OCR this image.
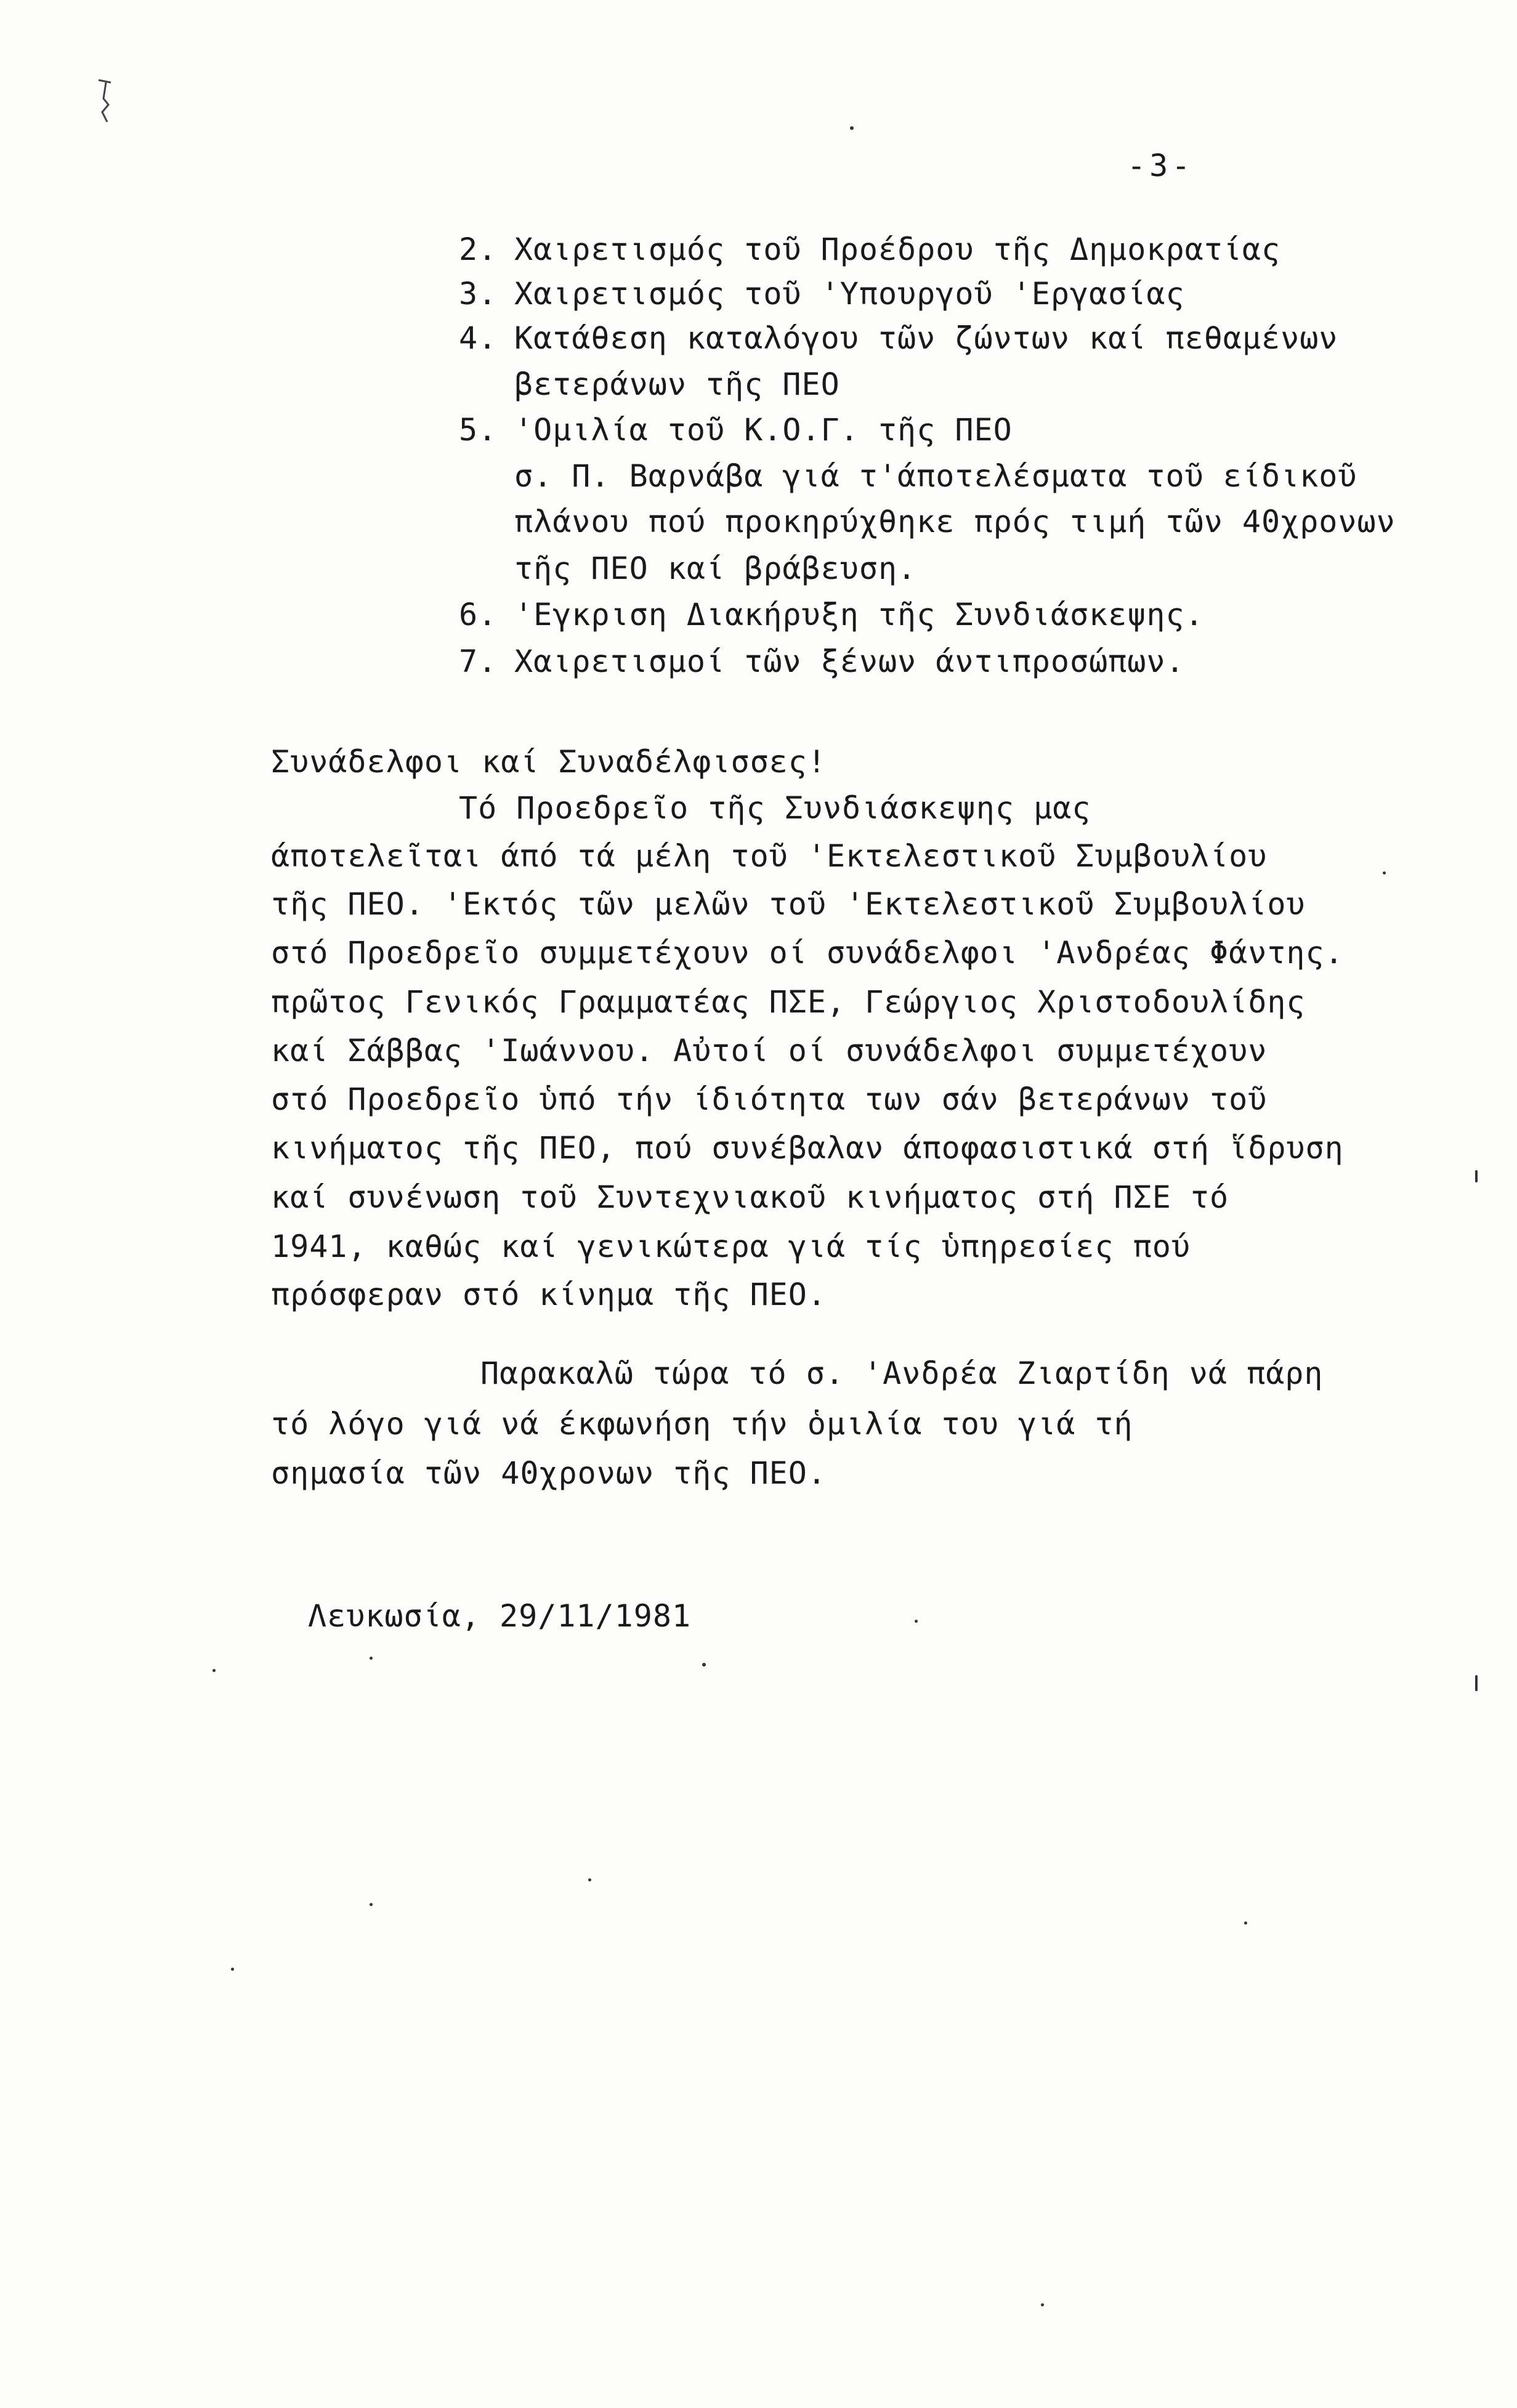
-3-
2. Χαιρετισμός τοῦ Προέδρου τῆς Δημοκρατίας
3. Χαιρετισμός τοῦ 'Υπουργοῦ 'Εργασίας
4. Κατάθεση καταλόγου τῶν ζώντων καί πεθαμένων
βετεράνων τῆς ΠΕΟ
5. 'Ομιλία τοῦ Κ.Ο.Γ. τῆς ΠΕΟ
σ. Π. Βαρνάβα γιά τ'άποτελέσματα τοῦ είδικοῦ
πλάνου πού προκηρύχθηκε πρός τιμή τῶν 40χρονων
τῆς ΠΕΟ καί βράβευση.
6. 'Εγκριση Διακήρυξη τῆς Συνδιάσκεψης.
7. Χαιρετισμοί τῶν ξένων άντιπροσώπων.
Συνάδελφοι καί Συναδέλφισσες!
Τό Προεδρεῖο τῆς Συνδιάσκεψης μας
άποτελεῖται άπό τά μέλη τοῦ 'Εκτελεστικοῦ Συμβουλίου
τῆς ΠΕΟ. 'Εκτός τῶν μελῶν τοῦ 'Εκτελεστικοῦ Συμβουλίου
στό Προεδρεῖο συμμετέχουν οί συνάδελφοι 'Ανδρέας Φάντης.
πρῶτος Γενικός Γραμματέας ΠΣΕ, Γεώργιος Χριστοδουλίδης
καί Σάββας 'Ιωάννου. Αὐτοί οί συνάδελφοι συμμετέχουν
στό Προεδρεῖο ὑπό τήν ίδιότητα των σάν βετεράνων τοῦ
κινήματος τῆς ΠΕΟ, πού συνέβαλαν άποφασιστικά στή ἵδρυση
καί συνένωση τοῦ Συντεχνιακοῦ κινήματος στή ΠΣΕ τό
1941, καθώς καί γενικώτερα γιά τίς ὑπηρεσίες πού
πρόσφεραν στό κίνημα τῆς ΠΕΟ.
Παρακαλῶ τώρα τό σ. 'Ανδρέα Ζιαρτίδη νά πάρη
τό λόγο γιά νά έκφωνήση τήν ὁμιλία του γιά τή
σημασία τῶν 40χρονων τῆς ΠΕΟ.
Λευκωσία, 29/11/1981
